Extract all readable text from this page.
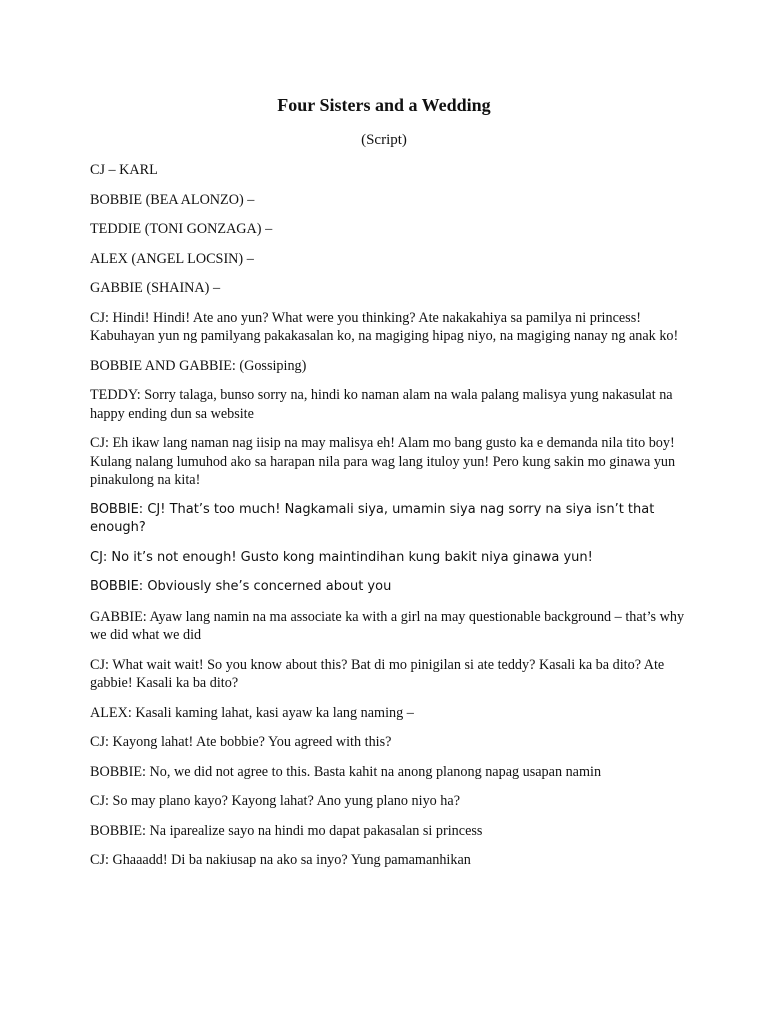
Four Sisters and a Wedding

(Script)

CJ – KARL

BOBBIE (BEA ALONZO) –

TEDDIE (TONI GONZAGA) –

ALEX (ANGEL LOCSIN) –

GABBIE (SHAINA) –

CJ: Hindi! Hindi! Ate ano yun? What were you thinking? Ate nakakahiya sa pamilya ni princess! Kabuhayan yun ng pamilyang pakakasalan ko, na magiging hipag niyo, na magiging nanay ng anak ko!

BOBBIE AND GABBIE: (Gossiping)

TEDDY: Sorry talaga, bunso sorry na, hindi ko naman alam na wala palang malisya yung nakasulat na happy ending dun sa website

CJ: Eh ikaw lang naman nag iisip na may malisya eh! Alam mo bang gusto ka e demanda nila tito boy! Kulang nalang lumuhod ako sa harapan nila para wag lang ituloy yun! Pero kung sakin mo ginawa yun pinakulong na kita!

BOBBIE: CJ! That’s too much! Nagkamali siya, umamin siya nag sorry na siya isn’t that enough?

CJ: No it’s not enough! Gusto kong maintindihan kung bakit niya ginawa yun!

BOBBIE: Obviously she’s concerned about you

GABBIE: Ayaw lang namin na ma associate ka with a girl na may questionable background – that’s why we did what we did

CJ: What wait wait! So you know about this? Bat di mo pinigilan si ate teddy? Kasali ka ba dito? Ate gabbie! Kasali ka ba dito?

ALEX: Kasali kaming lahat, kasi ayaw ka lang naming –

CJ: Kayong lahat! Ate bobbie? You agreed with this?

BOBBIE: No, we did not agree to this. Basta kahit na anong planong napag usapan namin

CJ: So may plano kayo? Kayong lahat? Ano yung plano niyo ha?

BOBBIE: Na iparealize sayo na hindi mo dapat pakasalan si princess

CJ: Ghaaadd! Di ba nakiusap na ako sa inyo? Yung pamamanhikan
